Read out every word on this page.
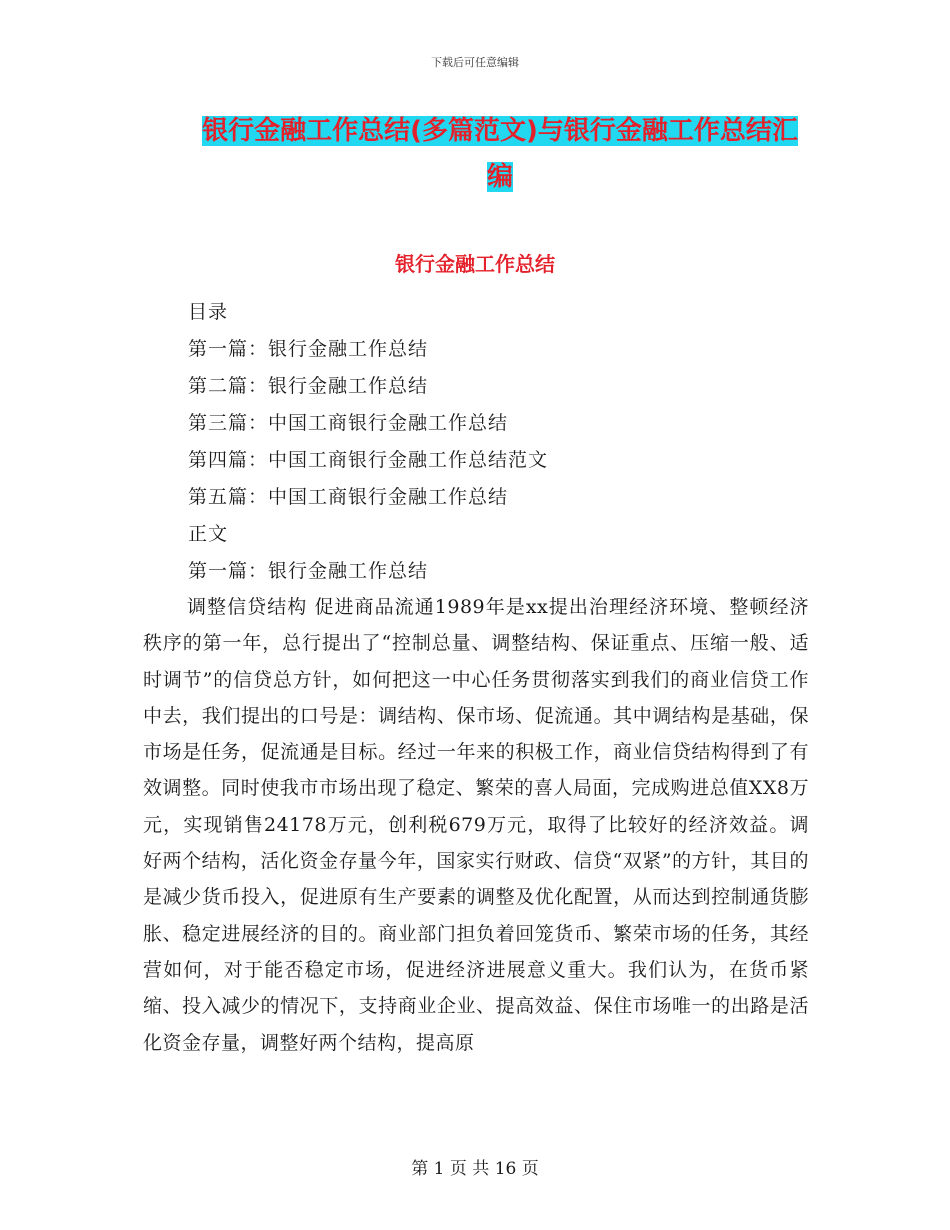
下载后可任意编辑
银行金融工作总结(多篇范文)与银行金融工作总结汇
编
银行金融工作总结
目录
第一篇：银行金融工作总结
第二篇：银行金融工作总结
第三篇：中国工商银行金融工作总结
第四篇：中国工商银行金融工作总结范文
第五篇：中国工商银行金融工作总结
正文
第一篇：银行金融工作总结
调整信贷结构 促进商品流通1989年是xx提出治理经济环境、整顿经济秩序的第一年，总行提出了“控制总量、调整结构、保证重点、压缩一般、适时调节”的信贷总方针，如何把这一中心任务贯彻落实到我们的商业信贷工作中去，我们提出的口号是：调结构、保市场、促流通。其中调结构是基础，保市场是任务，促流通是目标。经过一年来的积极工作，商业信贷结构得到了有效调整。同时使我市市场出现了稳定、繁荣的喜人局面，完成购进总值XX8万元，实现销售24178万元，创利税679万元，取得了比较好的经济效益。调好两个结构，活化资金存量今年，国家实行财政、信贷“双紧”的方针，其目的是减少货币投入，促进原有生产要素的调整及优化配置，从而达到控制通货膨胀、稳定进展经济的目的。商业部门担负着回笼货币、繁荣市场的任务，其经营如何，对于能否稳定市场，促进经济进展意义重大。我们认为，在货币紧缩、投入减少的情况下，支持商业企业、提高效益、保住市场唯一的出路是活化资金存量，调整好两个结构，提高原
第 1 页 共 16 页
